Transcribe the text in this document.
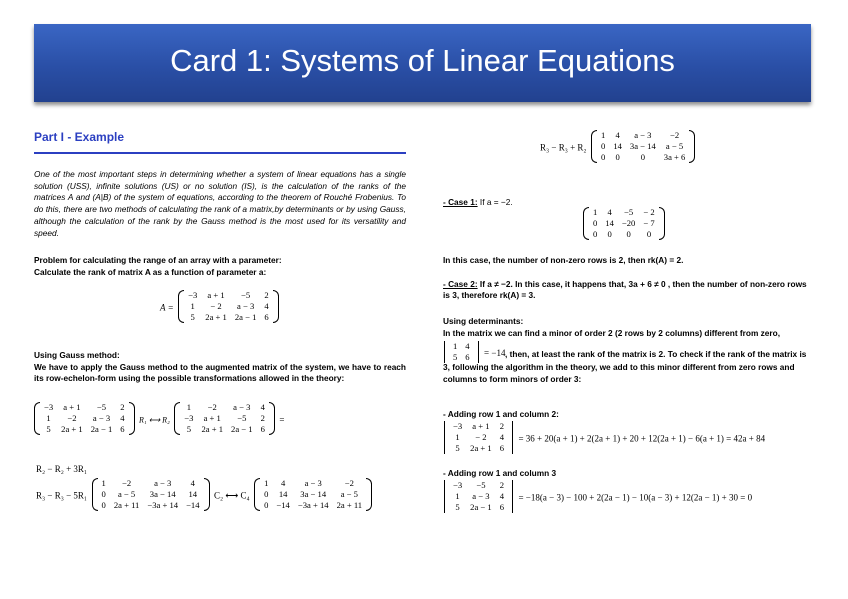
Card 1: Systems of Linear Equations
Part I - Example
One of the most important steps in determining whether a system of linear equations has a single solution (USS), infinite solutions (US) or no solution (IS), is the calculation of the ranks of the matrices A and (A|B) of the system of equations, according to the theorem of Rouché Frobenius. To do this, there are two methods of calculating the rank of a matrix,by determinants or by using Gauss, although the calculation of the rank by the Gauss method is the most used for its versatility and speed.
Problem for calculating the range of an array with a parameter:
Calculate the rank of matrix A as a function of parameter a:
A =
−3	a + 1	−5	2
1	− 2	a − 3	4
5	2a + 1	2a − 1	6
Using Gauss method:
We have to apply the Gauss method to the augmented matrix of the system, we have to reach its row-echelon-form using the possible transformations allowed in the theory:
−3	a + 1	−5	2
1	−2	a − 3	4
5	2a + 1	2a − 1	6
R₁ ⟷ R₂
1	−2	a − 3	4
−3	a + 1	−5	2
5	2a + 1	2a − 1	6
=
R₂ − R₂ + 3R₁
R₃ − R₃ − 5R₁
1	−2	a − 3	4
0	a − 5	3a − 14	14
0	2a + 11	−3a + 14	−14
C₂ ⟷ C₄
1	4	a − 3	−2
0	14	3a − 14	a − 5
0	−14	−3a + 14	2a + 11
R₃ − R₃ + R₂
1	4	a − 3	−2
0	14	3a − 14	a − 5
0	0	0	3a + 6
- Case 1: If a = −2.
1	4	−5	− 2
0	14	−20	− 7
0	0	0	0
In this case, the number of non-zero rows is 2, then rk(A) = 2.
- Case 2: If a ≠ −2. In this case, it happens that, 3a + 6 ≠ 0 , then the number of non-zero rows is 3, therefore rk(A) = 3.
Using determinants:
In the matrix we can find a minor of order 2 (2 rows by 2 columns) different from zero,
1	4
5	6 = −14 , then, at least the rank of the matrix is 2. To check if the rank of the matrix is 3, following the algorithm in the theory, we add to this minor different from zero rows and columns to form minors of order 3:
- Adding row 1 and column 2:
−3	a + 1	2
1	− 2	4
5	2a + 1	6
= 36 + 20(a + 1) + 2(2a + 1) + 20 + 12(2a + 1) − 6(a + 1) = 42a + 84
- Adding row 1 and column 3
−3	−5	2
1	a − 3	4
5	2a − 1	6
= −18(a − 3) − 100 + 2(2a − 1) − 10(a − 3) + 12(2a − 1) + 30 = 0
